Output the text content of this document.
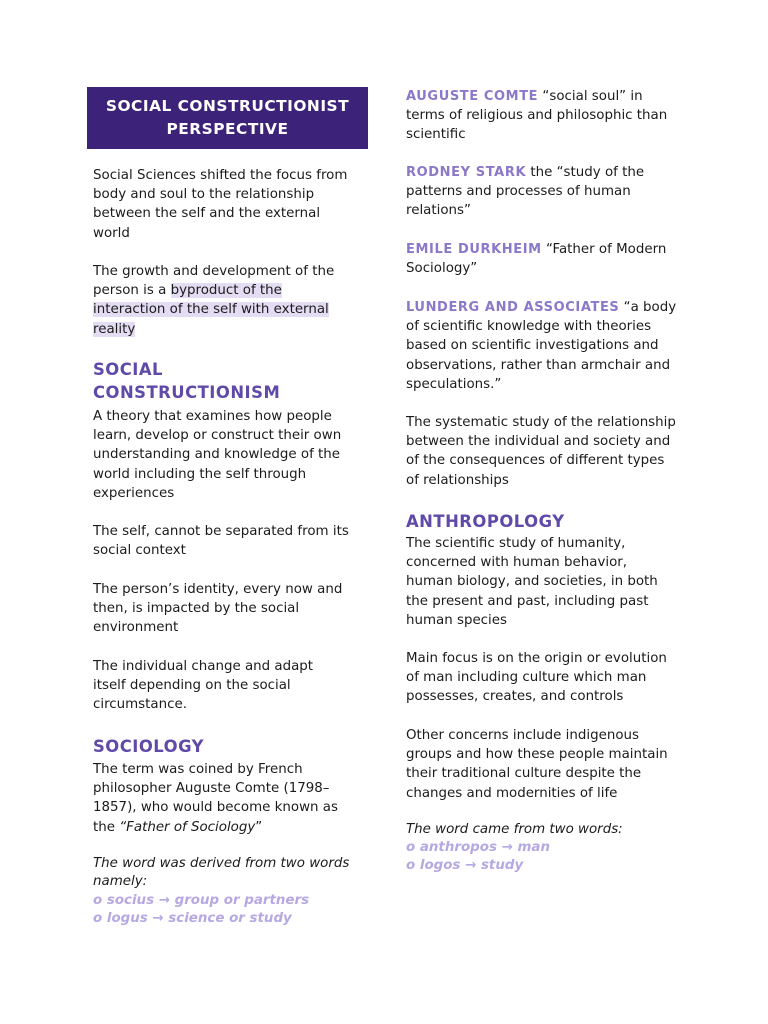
SOCIAL CONSTRUCTIONIST
PERSPECTIVE

Social Sciences shifted the focus from body and soul to the relationship between the self and the external world

The growth and development of the person is a byproduct of the interaction of the self with external reality

SOCIAL
CONSTRUCTIONISM

A theory that examines how people learn, develop or construct their own understanding and knowledge of the world including the self through experiences

The self, cannot be separated from its social context

The person’s identity, every now and then, is impacted by the social environment

The individual change and adapt itself depending on the social circumstance.

SOCIOLOGY

The term was coined by French philosopher Auguste Comte (1798–1857), who would become known as the “Father of Sociology”

The word was derived from two words namely:

o socius → group or partners

o logus → science or study

AUGUSTE COMTE “social soul” in terms of religious and philosophic than scientific

RODNEY STARK the “study of the patterns and processes of human relations”

EMILE DURKHEIM “Father of Modern Sociology”

LUNDERG AND ASSOCIATES “a body of scientific knowledge with theories based on scientific investigations and observations, rather than armchair and speculations.”

The systematic study of the relationship between the individual and society and of the consequences of different types of relationships

ANTHROPOLOGY

The scientific study of humanity, concerned with human behavior, human biology, and societies, in both the present and past, including past human species

Main focus is on the origin or evolution of man including culture which man possesses, creates, and controls

Other concerns include indigenous groups and how these people maintain their traditional culture despite the changes and modernities of life

The word came from two words:

o anthropos → man

o logos → study
